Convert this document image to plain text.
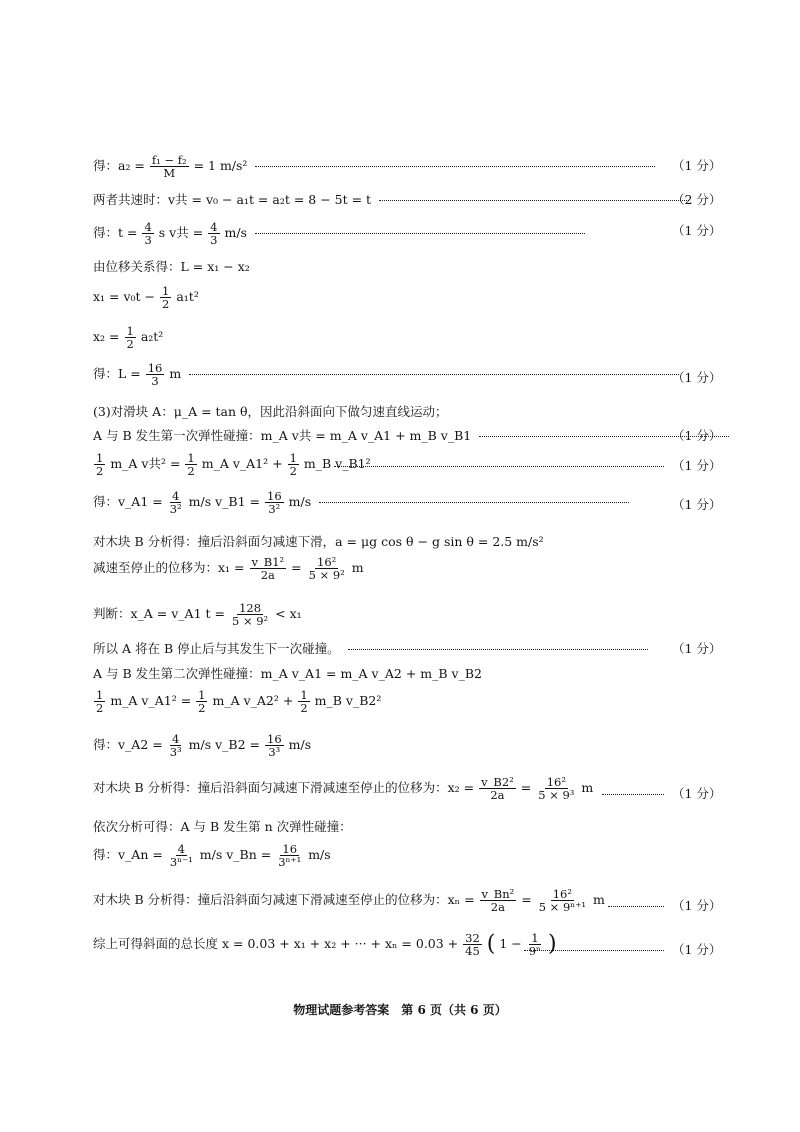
得：$a_2 = \frac{\text{f₁ − f₂}}{M} = 1$ m/s²	（1 分）
两者共速时：v共 = v₀ − a₁t = a₂t = 8 − 5t = t	（2 分）
得：$t = \frac{4}{3}$ s v共 = $\frac{4}{3} m/s$	（1 分）
由位移关系得：L = x₁ − x₂
$x_1 = v_0t - \frac{1}{2} a_1t^2$
$x_2 = \frac{1}{2} a_2t^2$
得：$L = \frac{16}{3}$ m	（1 分）
(3)对滑块 A：μ_A = tan θ，因此沿斜面向下做匀速直线运动；
A 与 B 发生第一次弹性碰撞：m_A v共 = m_A v_A1 + m_B v_B1	（1 分）
$\frac{1}{2}$ m_A v共$^2 = \frac{1}{2}$ m_A v_A1² + $\frac{1}{2}$ m_B v_B1²	（1 分）
得：v_A1 = $\frac{4}{\text{3²}} m/s$ v_B1 = $\frac{16}{\text{3²}} m/s$	（1 分）
对木块 B 分析得：撞后沿斜面匀减速下滑，a = μg cos θ − g sin θ = 2.5 m/s²
减速至停止的位移为：$x_1 = \frac{\text{v\_B1²}}{2a} = \frac{\text{16²}}{\text{5 × 9²}}$ m
判断：x_A = v_A1 $t = \frac{128}{\text{5 × 9²}} < x_1$
所以 A 将在 B 停止后与其发生下一次碰撞。	（1 分）
A 与 B 发生第二次弹性碰撞：m_A v_A1 = m_A v_A2 + m_B v_B2
$\frac{1}{2}$ m_A v_A1² = $\frac{1}{2}$ m_A v_A2² + $\frac{1}{2}$ m_B v_B2²
得：v_A2 = $\frac{4}{\text{3³}} m/s$ v_B2 = $\frac{16}{\text{3³}} m/s$
对木块 B 分析得：撞后沿斜面匀减速下滑减速至停止的位移为：$x_2 = \frac{\text{v\_B2²}}{2a} = \frac{\text{16²}}{\text{5 × 9³}}$ m	（1 分）
依次分析可得：A 与 B 发生第 n 次弹性碰撞：
得：v_An = $\frac{4}{\text{3ⁿ⁻¹}} m/s$ v_Bn = $\frac{16}{\text{3ⁿ⁺¹}} m/s$
对木块 B 分析得：撞后沿斜面匀减速下滑减速至停止的位移为：$x_n = \frac{\text{v\_Bn²}}{2a} = \frac{\text{16²}}{\text{5 × 9ⁿ⁺¹}}$ m	（1 分）
综上可得斜面的总长度 x = 0.03 + x₁ + x₂ + ··· + $x_n = 0.03 + \frac{32}{45}$ ( $1 - \frac{1}{\text{9ⁿ}}$ )	（1 分）
物理试题参考答案　第 6 页（共 6 页）
